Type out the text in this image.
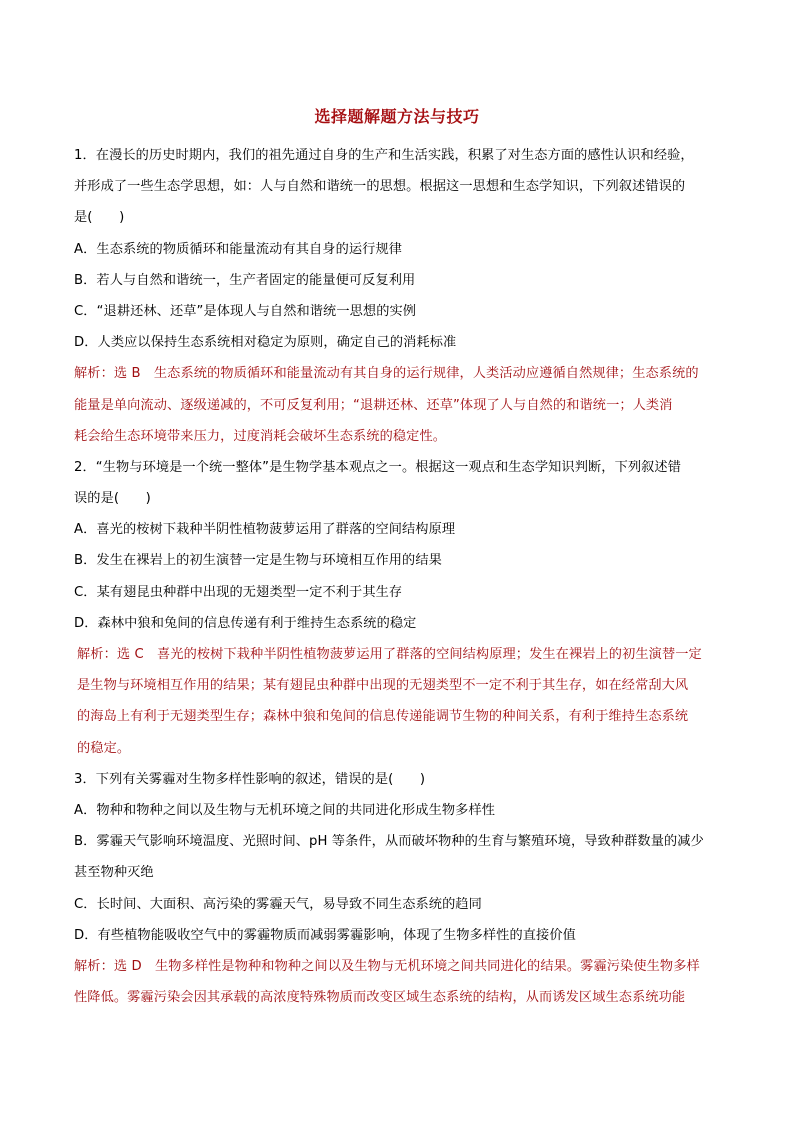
选择题解题方法与技巧
1．在漫长的历史时期内，我们的祖先通过自身的生产和生活实践，积累了对生态方面的感性认识和经验，
并形成了一些生态学思想，如：人与自然和谐统一的思想。根据这一思想和生态学知识，下列叙述错误的
是(　　)
A．生态系统的物质循环和能量流动有其自身的运行规律
B．若人与自然和谐统一，生产者固定的能量便可反复利用
C．“退耕还林、还草”是体现人与自然和谐统一思想的实例
D．人类应以保持生态系统相对稳定为原则，确定自己的消耗标准
解析：选 B　生态系统的物质循环和能量流动有其自身的运行规律，人类活动应遵循自然规律；生态系统的
能量是单向流动、逐级递减的，不可反复利用；“退耕还林、还草”体现了人与自然的和谐统一；人类消
耗会给生态环境带来压力，过度消耗会破坏生态系统的稳定性。
2．“生物与环境是一个统一整体”是生物学基本观点之一。根据这一观点和生态学知识判断，下列叙述错
误的是(　　)
A．喜光的桉树下栽种半阴性植物菠萝运用了群落的空间结构原理
B．发生在裸岩上的初生演替一定是生物与环境相互作用的结果
C．某有翅昆虫种群中出现的无翅类型一定不利于其生存
D．森林中狼和兔间的信息传递有利于维持生态系统的稳定
解析：选 C　喜光的桉树下栽种半阴性植物菠萝运用了群落的空间结构原理；发生在裸岩上的初生演替一定
是生物与环境相互作用的结果；某有翅昆虫种群中出现的无翅类型不一定不利于其生存，如在经常刮大风
的海岛上有利于无翅类型生存；森林中狼和兔间的信息传递能调节生物的种间关系，有利于维持生态系统
的稳定。
3．下列有关雾霾对生物多样性影响的叙述，错误的是(　　)
A．物种和物种之间以及生物与无机环境之间的共同进化形成生物多样性
B．雾霾天气影响环境温度、光照时间、pH 等条件，从而破坏物种的生育与繁殖环境，导致种群数量的减少
甚至物种灭绝
C．长时间、大面积、高污染的雾霾天气，易导致不同生态系统的趋同
D．有些植物能吸收空气中的雾霾物质而减弱雾霾影响，体现了生物多样性的直接价值
解析：选 D　生物多样性是物种和物种之间以及生物与无机环境之间共同进化的结果。雾霾污染使生物多样
性降低。雾霾污染会因其承载的高浓度特殊物质而改变区域生态系统的结构，从而诱发区域生态系统功能
